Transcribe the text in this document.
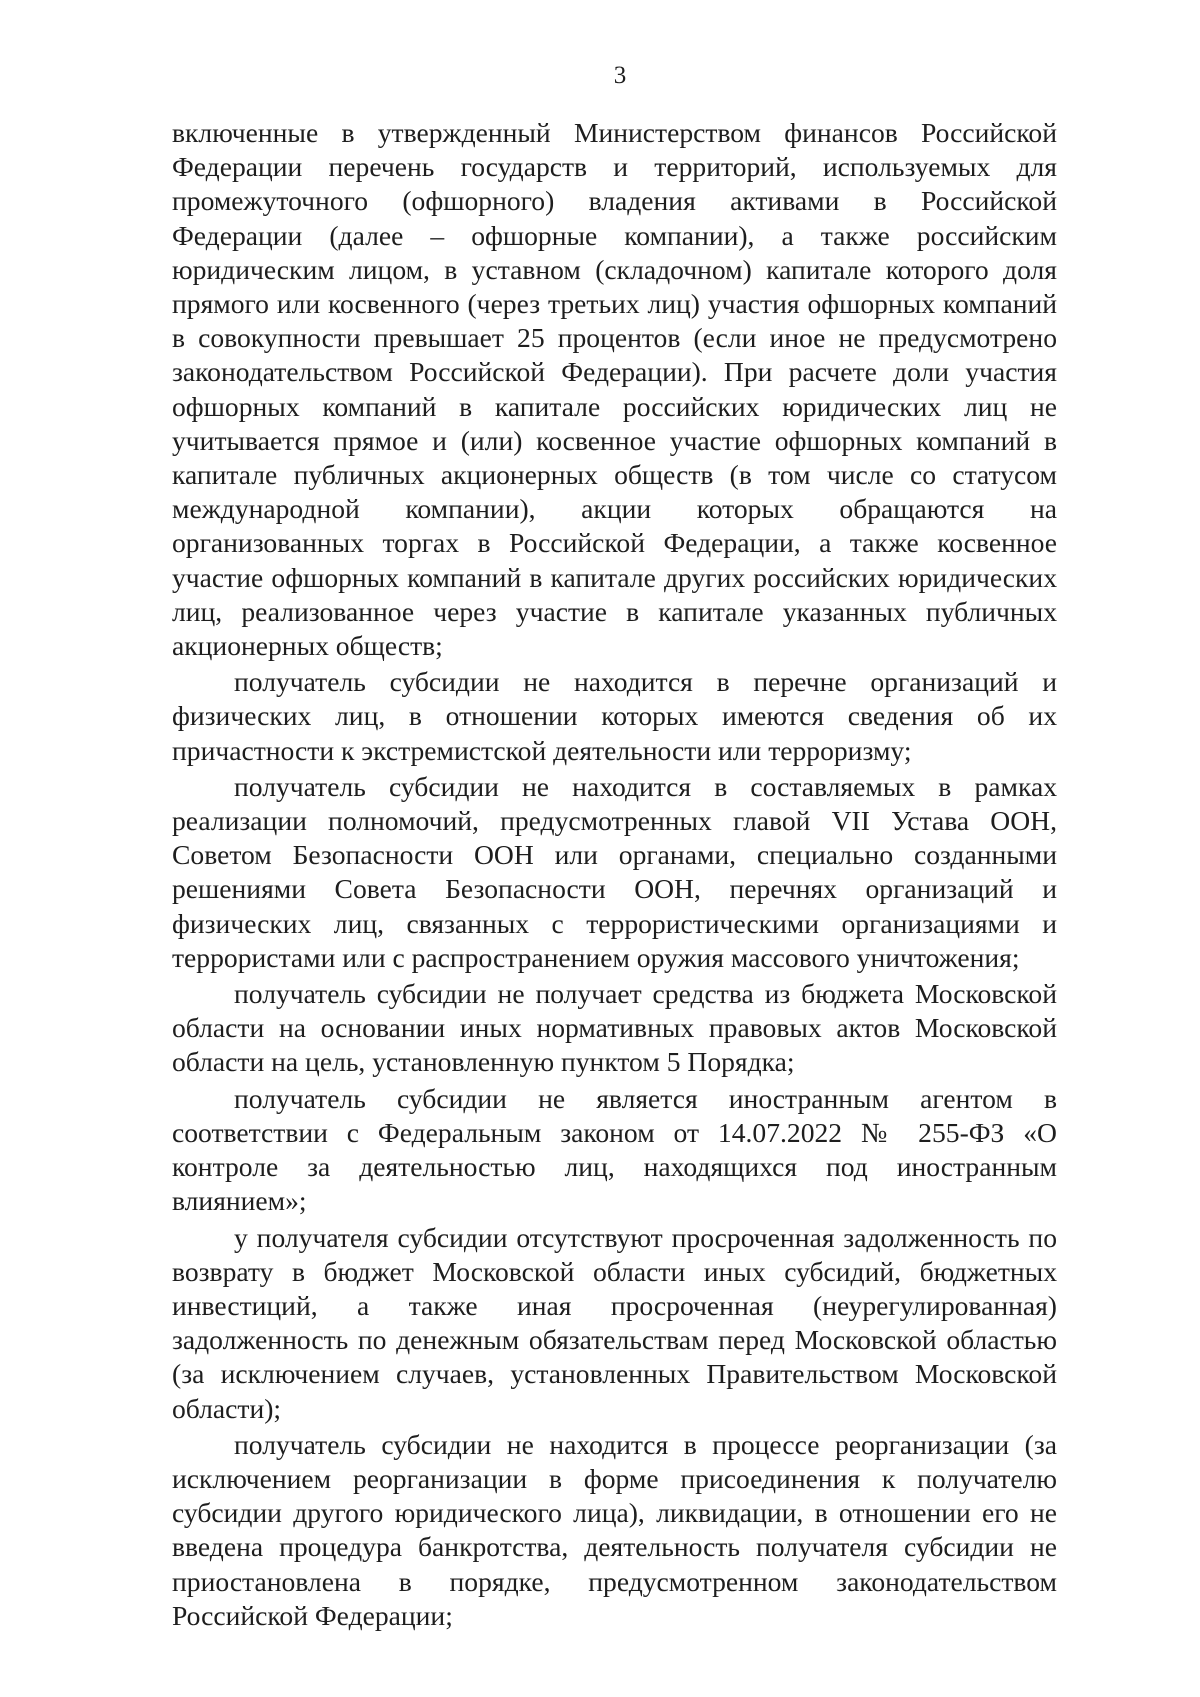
3

включенные в утвержденный Министерством финансов Российской Федерации перечень государств и территорий, используемых для промежуточного (офшорного) владения активами в Российской Федерации (далее – офшорные компании), а также российским юридическим лицом, в уставном (складочном) капитале которого доля прямого или косвенного (через третьих лиц) участия офшорных компаний в совокупности превышает 25 процентов (если иное не предусмотрено законодательством Российской Федерации). При расчете доли участия офшорных компаний в капитале российских юридических лиц не учитывается прямое и (или) косвенное участие офшорных компаний в капитале публичных акционерных обществ (в том числе со статусом международной компании), акции которых обращаются на организованных торгах в Российской Федерации, а также косвенное участие офшорных компаний в капитале других российских юридических лиц, реализованное через участие в капитале указанных публичных акционерных обществ;

получатель субсидии не находится в перечне организаций и физических лиц, в отношении которых имеются сведения об их причастности к экстремистской деятельности или терроризму;

получатель субсидии не находится в составляемых в рамках реализации полномочий, предусмотренных главой VII Устава ООН, Советом Безопасности ООН или органами, специально созданными решениями Совета Безопасности ООН, перечнях организаций и физических лиц, связанных с террористическими организациями и террористами или с распространением оружия массового уничтожения;

получатель субсидии не получает средства из бюджета Московской области на основании иных нормативных правовых актов Московской области на цель, установленную пунктом 5 Порядка;

получатель субсидии не является иностранным агентом в соответствии с Федеральным законом от 14.07.2022 № 255-ФЗ «О контроле за деятельностью лиц, находящихся под иностранным влиянием»;

у получателя субсидии отсутствуют просроченная задолженность по возврату в бюджет Московской области иных субсидий, бюджетных инвестиций, а также иная просроченная (неурегулированная) задолженность по денежным обязательствам перед Московской областью (за исключением случаев, установленных Правительством Московской области);

получатель субсидии не находится в процессе реорганизации (за исключением реорганизации в форме присоединения к получателю субсидии другого юридического лица), ликвидации, в отношении его не введена процедура банкротства, деятельность получателя субсидии не приостановлена в порядке, предусмотренном законодательством Российской Федерации;
